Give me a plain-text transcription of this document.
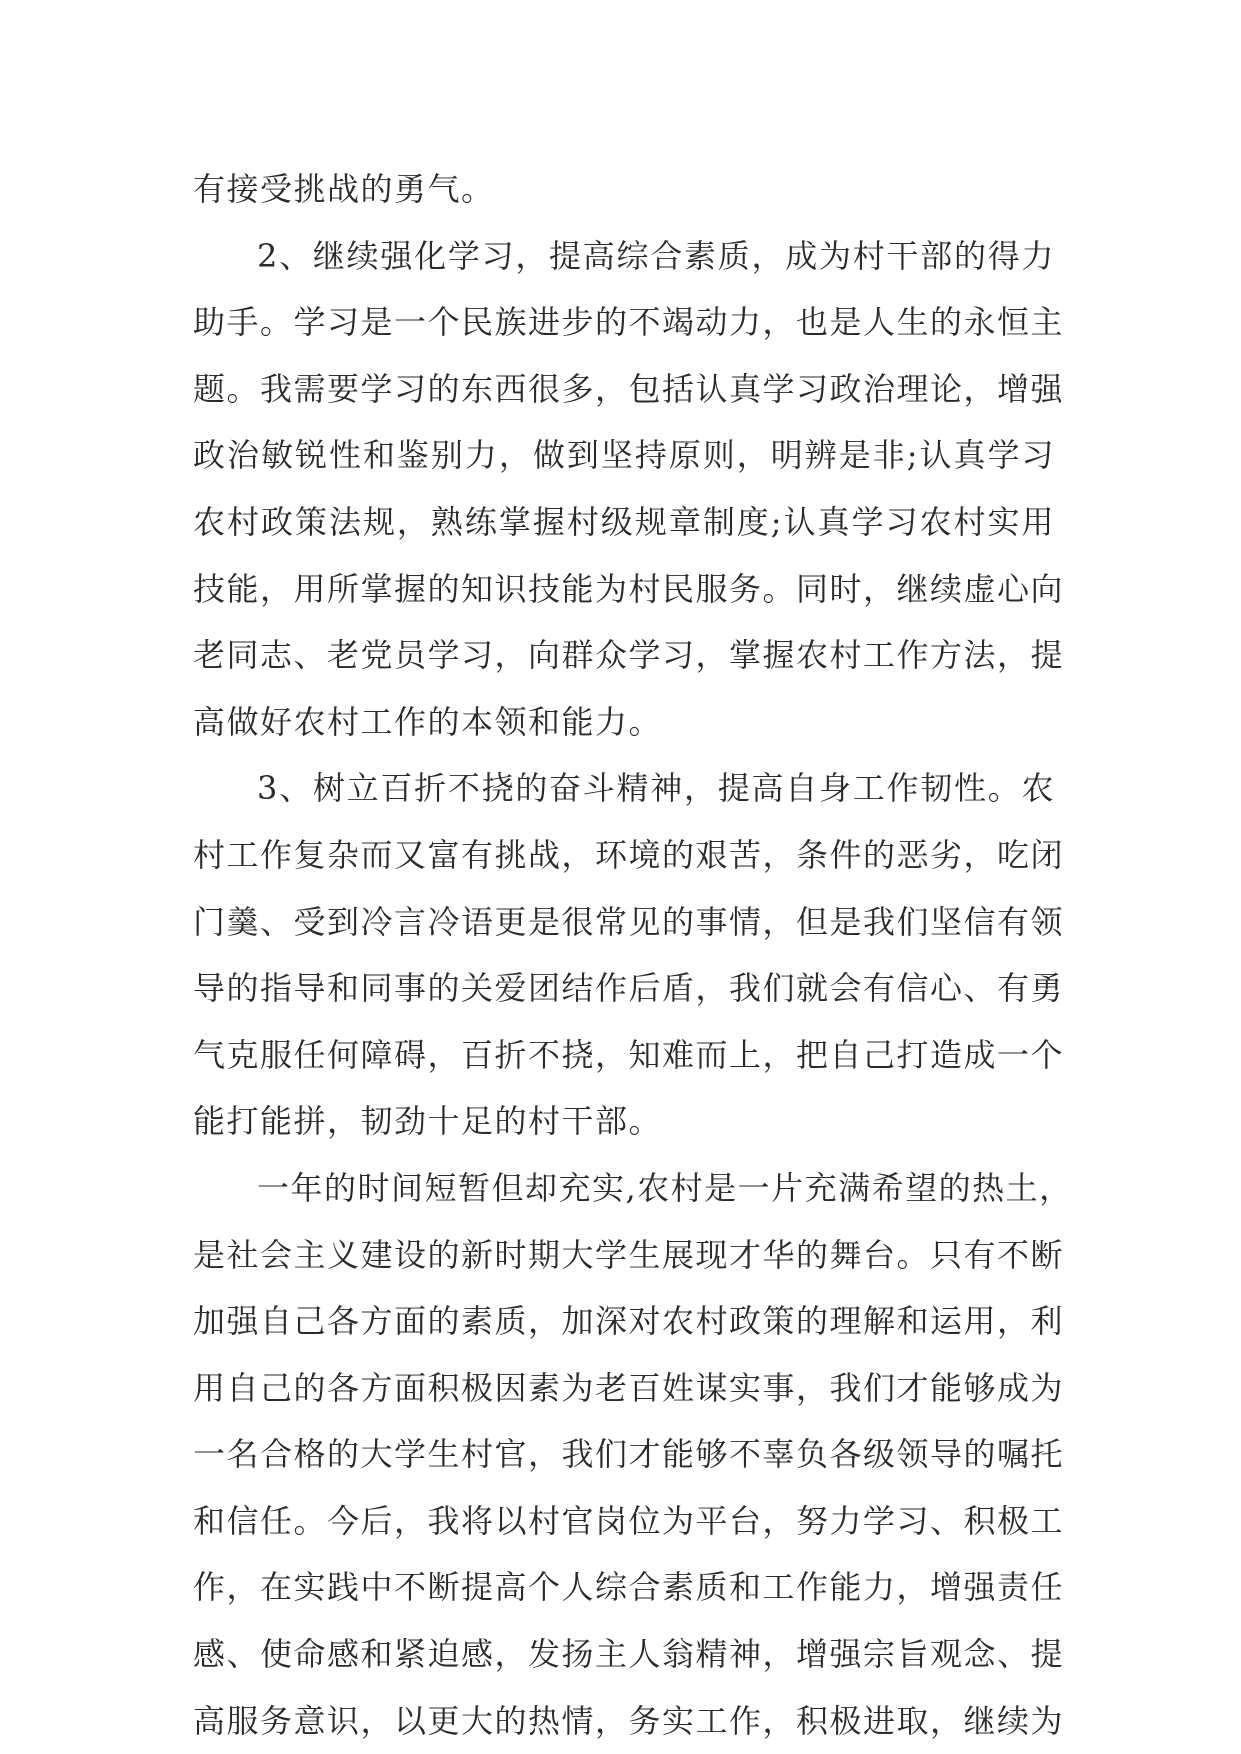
有接受挑战的勇气。
2、继续强化学习，提高综合素质，成为村干部的得力
助手。学习是一个民族进步的不竭动力，也是人生的永恒主
题。我需要学习的东西很多，包括认真学习政治理论，增强
政治敏锐性和鉴别力，做到坚持原则，明辨是非;认真学习
农村政策法规，熟练掌握村级规章制度;认真学习农村实用
技能，用所掌握的知识技能为村民服务。同时，继续虚心向
老同志、老党员学习，向群众学习，掌握农村工作方法，提
高做好农村工作的本领和能力。
3、树立百折不挠的奋斗精神，提高自身工作韧性。农
村工作复杂而又富有挑战，环境的艰苦，条件的恶劣，吃闭
门羹、受到冷言冷语更是很常见的事情，但是我们坚信有领
导的指导和同事的关爱团结作后盾，我们就会有信心、有勇
气克服任何障碍，百折不挠，知难而上，把自己打造成一个
能打能拼，韧劲十足的村干部。
一年的时间短暂但却充实,农村是一片充满希望的热土，
是社会主义建设的新时期大学生展现才华的舞台。只有不断
加强自己各方面的素质，加深对农村政策的理解和运用，利
用自己的各方面积极因素为老百姓谋实事，我们才能够成为
一名合格的大学生村官，我们才能够不辜负各级领导的嘱托
和信任。今后，我将以村官岗位为平台，努力学习、积极工
作，在实践中不断提高个人综合素质和工作能力，增强责任
感、使命感和紧迫感，发扬主人翁精神，增强宗旨观念、提
高服务意识，以更大的热情，务实工作，积极进取，继续为
